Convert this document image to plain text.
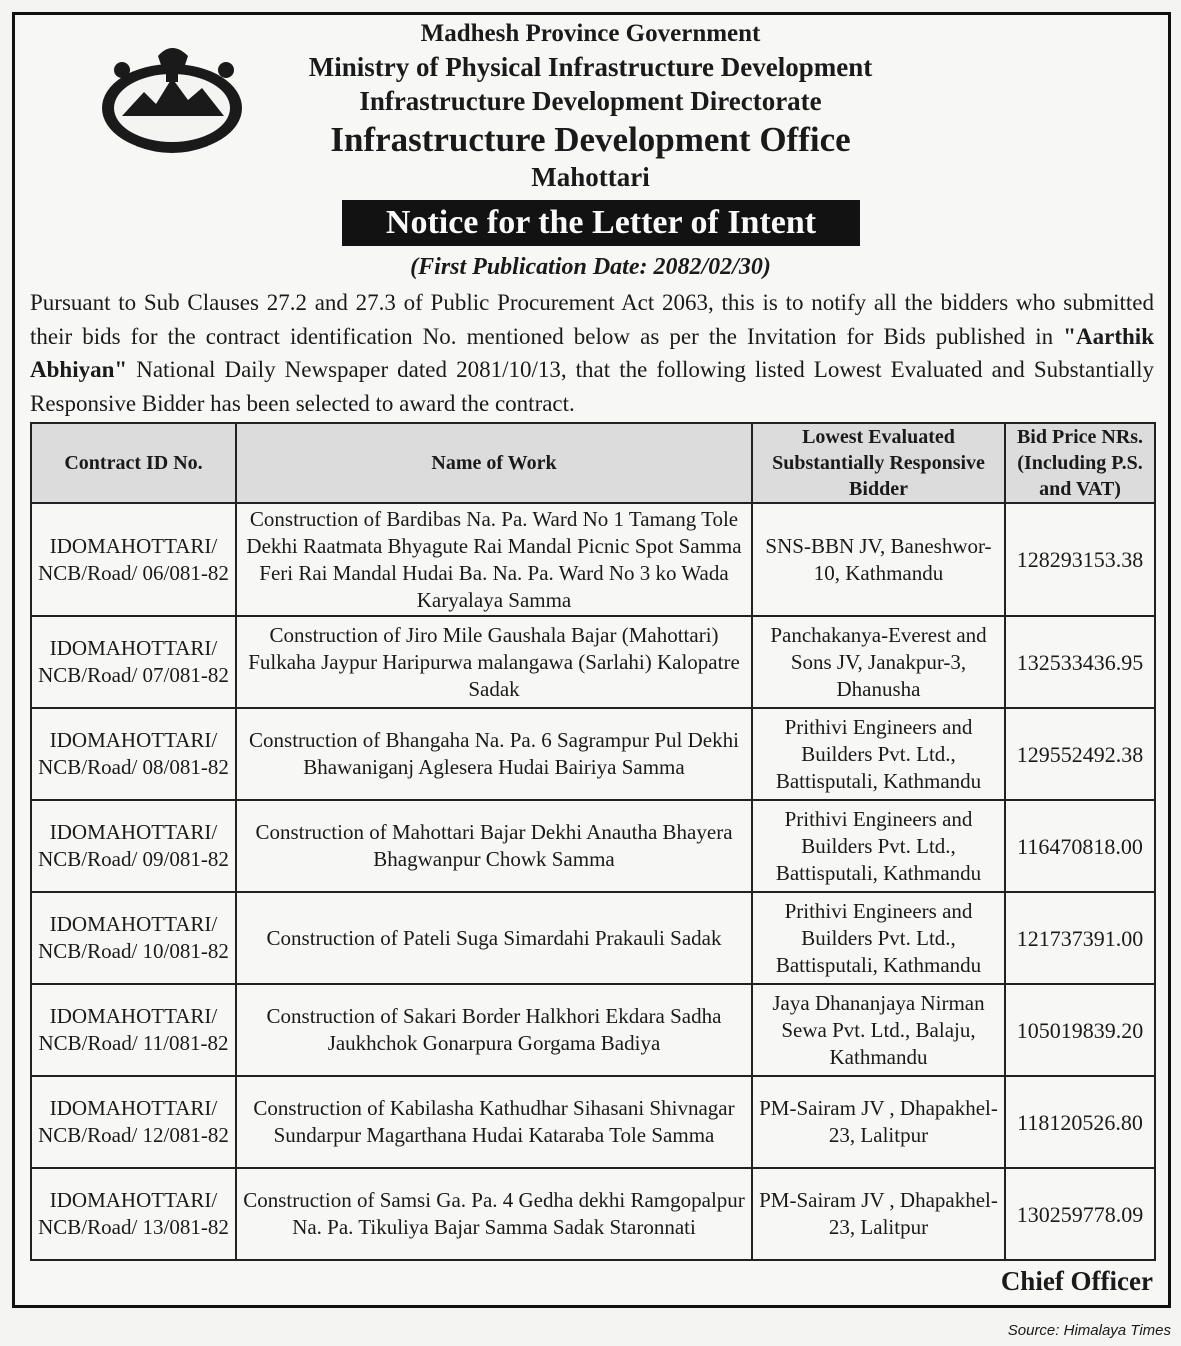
Madhesh Province Government
Ministry of Physical Infrastructure Development
Infrastructure Development Directorate
Infrastructure Development Office
Mahottari
Notice for the Letter of Intent
(First Publication Date: 2082/02/30)
Pursuant to Sub Clauses 27.2 and 27.3 of Public Procurement Act 2063, this is to notify all the bidders who submitted their bids for the contract identification No. mentioned below as per the Invitation for Bids published in "Aarthik Abhiyan" National Daily Newspaper dated 2081/10/13, that the following listed Lowest Evaluated and Substantially Responsive Bidder has been selected to award the contract.
Contract ID No.	Name of Work	Lowest Evaluated Substantially Responsive Bidder	Bid Price NRs. (Including P.S. and VAT)
IDOMAHOTTARI/ NCB/Road/ 06/081-82	Construction of Bardibas Na. Pa. Ward No 1 Tamang Tole Dekhi Raatmata Bhyagute Rai Mandal Picnic Spot Samma Feri Rai Mandal Hudai Ba. Na. Pa. Ward No 3 ko Wada Karyalaya Samma	SNS-BBN JV, Baneshwor-10, Kathmandu	128293153.38
IDOMAHOTTARI/ NCB/Road/ 07/081-82	Construction of Jiro Mile Gaushala Bajar (Mahottari) Fulkaha Jaypur Haripurwa malangawa (Sarlahi) Kalopatre Sadak	Panchakanya-Everest and Sons JV, Janakpur-3, Dhanusha	132533436.95
IDOMAHOTTARI/ NCB/Road/ 08/081-82	Construction of Bhangaha Na. Pa. 6 Sagrampur Pul Dekhi Bhawaniganj Aglesera Hudai Bairiya Samma	Prithivi Engineers and Builders Pvt. Ltd., Battisputali, Kathmandu	129552492.38
IDOMAHOTTARI/ NCB/Road/ 09/081-82	Construction of Mahottari Bajar Dekhi Anautha Bhayera Bhagwanpur Chowk Samma	Prithivi Engineers and Builders Pvt. Ltd., Battisputali, Kathmandu	116470818.00
IDOMAHOTTARI/ NCB/Road/ 10/081-82	Construction of Pateli Suga Simardahi Prakauli Sadak	Prithivi Engineers and Builders Pvt. Ltd., Battisputali, Kathmandu	121737391.00
IDOMAHOTTARI/ NCB/Road/ 11/081-82	Construction of Sakari Border Halkhori Ekdara Sadha Jaukhchok Gonarpura Gorgama Badiya	Jaya Dhananjaya Nirman Sewa Pvt. Ltd., Balaju, Kathmandu	105019839.20
IDOMAHOTTARI/ NCB/Road/ 12/081-82	Construction of Kabilasha Kathudhar Sihasani Shivnagar Sundarpur Magarthana Hudai Kataraba Tole Samma	PM-Sairam JV , Dhapakhel-23, Lalitpur	118120526.80
IDOMAHOTTARI/ NCB/Road/ 13/081-82	Construction of Samsi Ga. Pa. 4 Gedha dekhi Ramgopalpur Na. Pa. Tikuliya Bajar Samma Sadak Staronnati	PM-Sairam JV , Dhapakhel-23, Lalitpur	130259778.09
Chief Officer
Source: Himalaya Times
